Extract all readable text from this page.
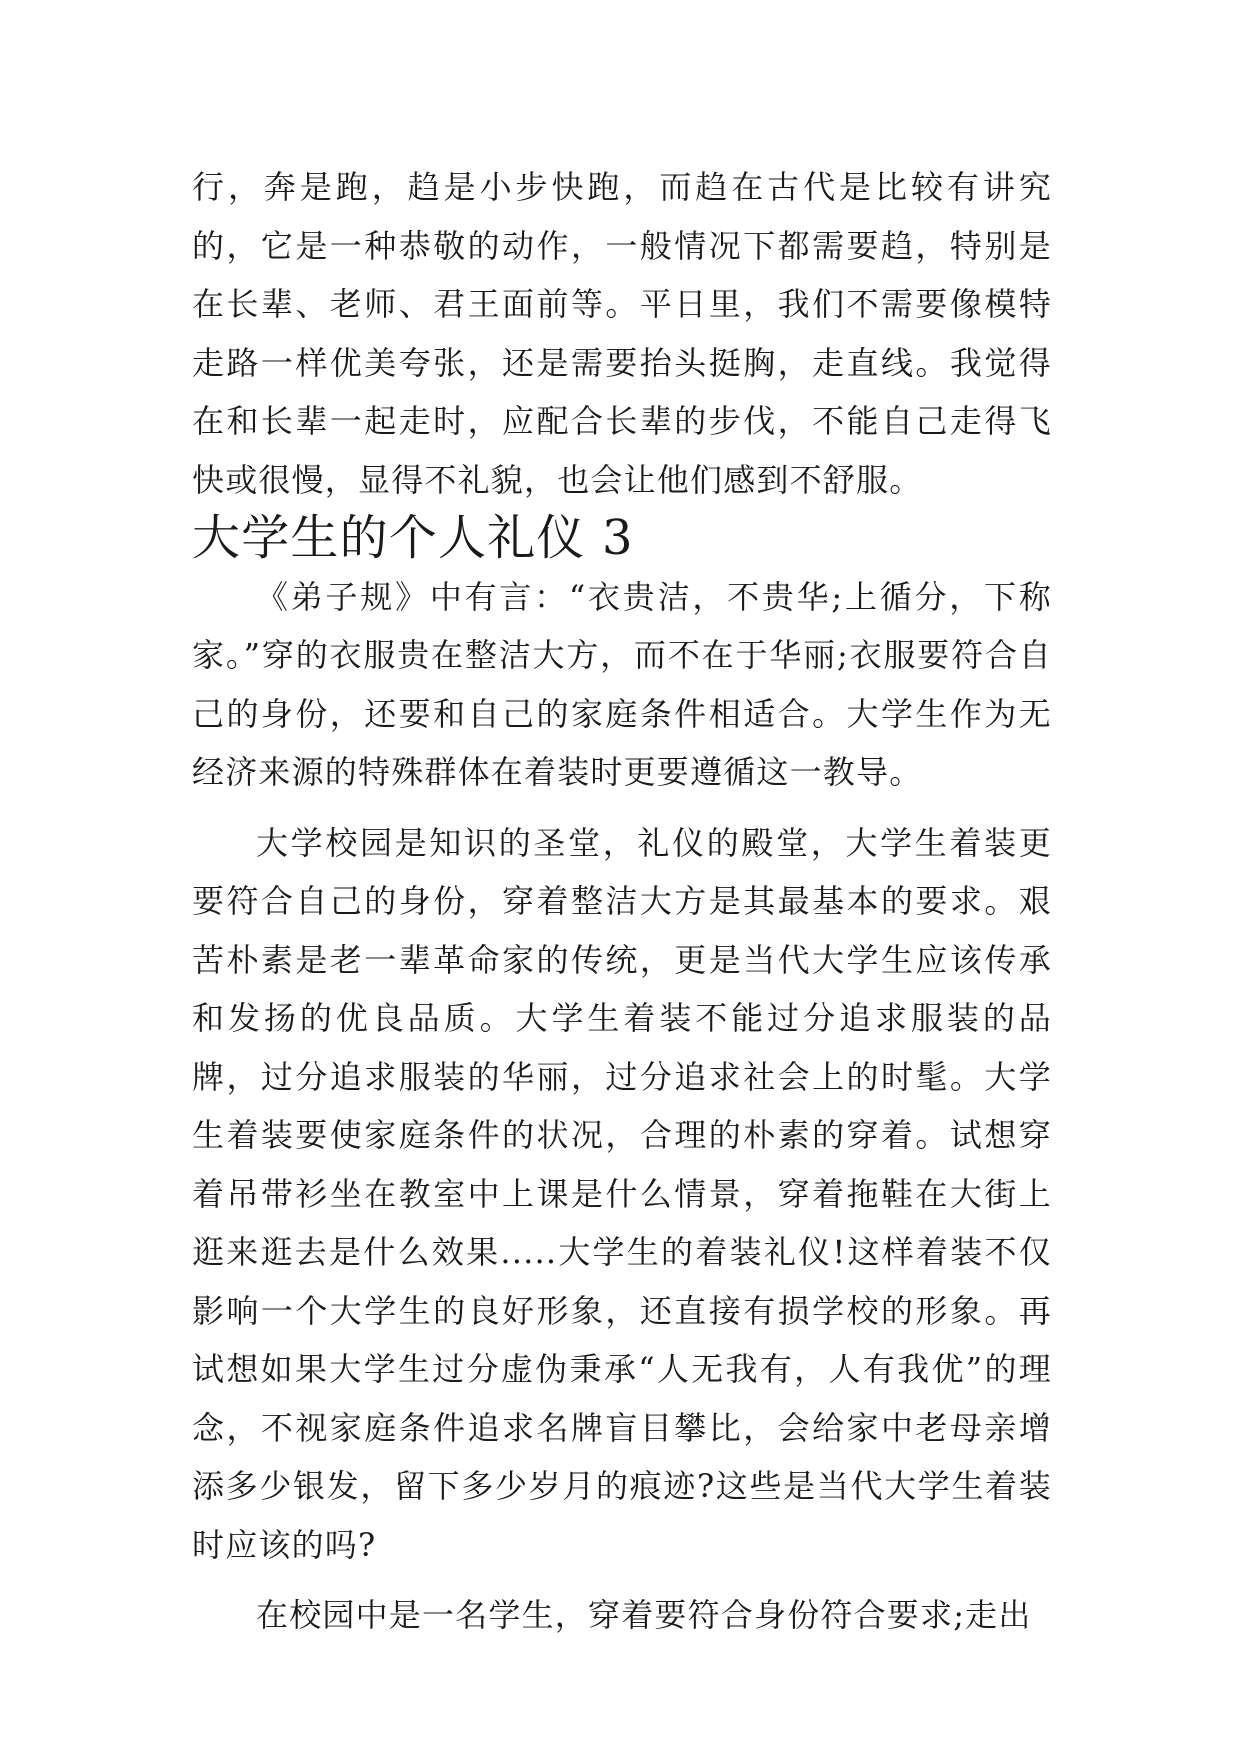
行，奔是跑，趋是小步快跑，而趋在古代是比较有讲究的，它是一种恭敬的动作，一般情况下都需要趋，特别是在长辈、老师、君王面前等。平日里，我们不需要像模特走路一样优美夸张，还是需要抬头挺胸，走直线。我觉得在和长辈一起走时，应配合长辈的步伐，不能自己走得飞快或很慢，显得不礼貌，也会让他们感到不舒服。

大学生的个人礼仪 3

《弟子规》中有言：“衣贵洁，不贵华;上循分，下称家。”穿的衣服贵在整洁大方，而不在于华丽;衣服要符合自己的身份，还要和自己的家庭条件相适合。大学生作为无经济来源的特殊群体在着装时更要遵循这一教导。

大学校园是知识的圣堂，礼仪的殿堂，大学生着装更要符合自己的身份，穿着整洁大方是其最基本的要求。艰苦朴素是老一辈革命家的传统，更是当代大学生应该传承和发扬的优良品质。大学生着装不能过分追求服装的品牌，过分追求服装的华丽，过分追求社会上的时髦。大学生着装要使家庭条件的状况，合理的朴素的穿着。试想穿着吊带衫坐在教室中上课是什么情景，穿着拖鞋在大街上逛来逛去是什么效果.....大学生的着装礼仪!这样着装不仅影响一个大学生的良好形象，还直接有损学校的形象。再试想如果大学生过分虚伪秉承“人无我有，人有我优”的理念，不视家庭条件追求名牌盲目攀比，会给家中老母亲增添多少银发，留下多少岁月的痕迹?这些是当代大学生着装时应该的吗?

在校园中是一名学生，穿着要符合身份符合要求;走出
